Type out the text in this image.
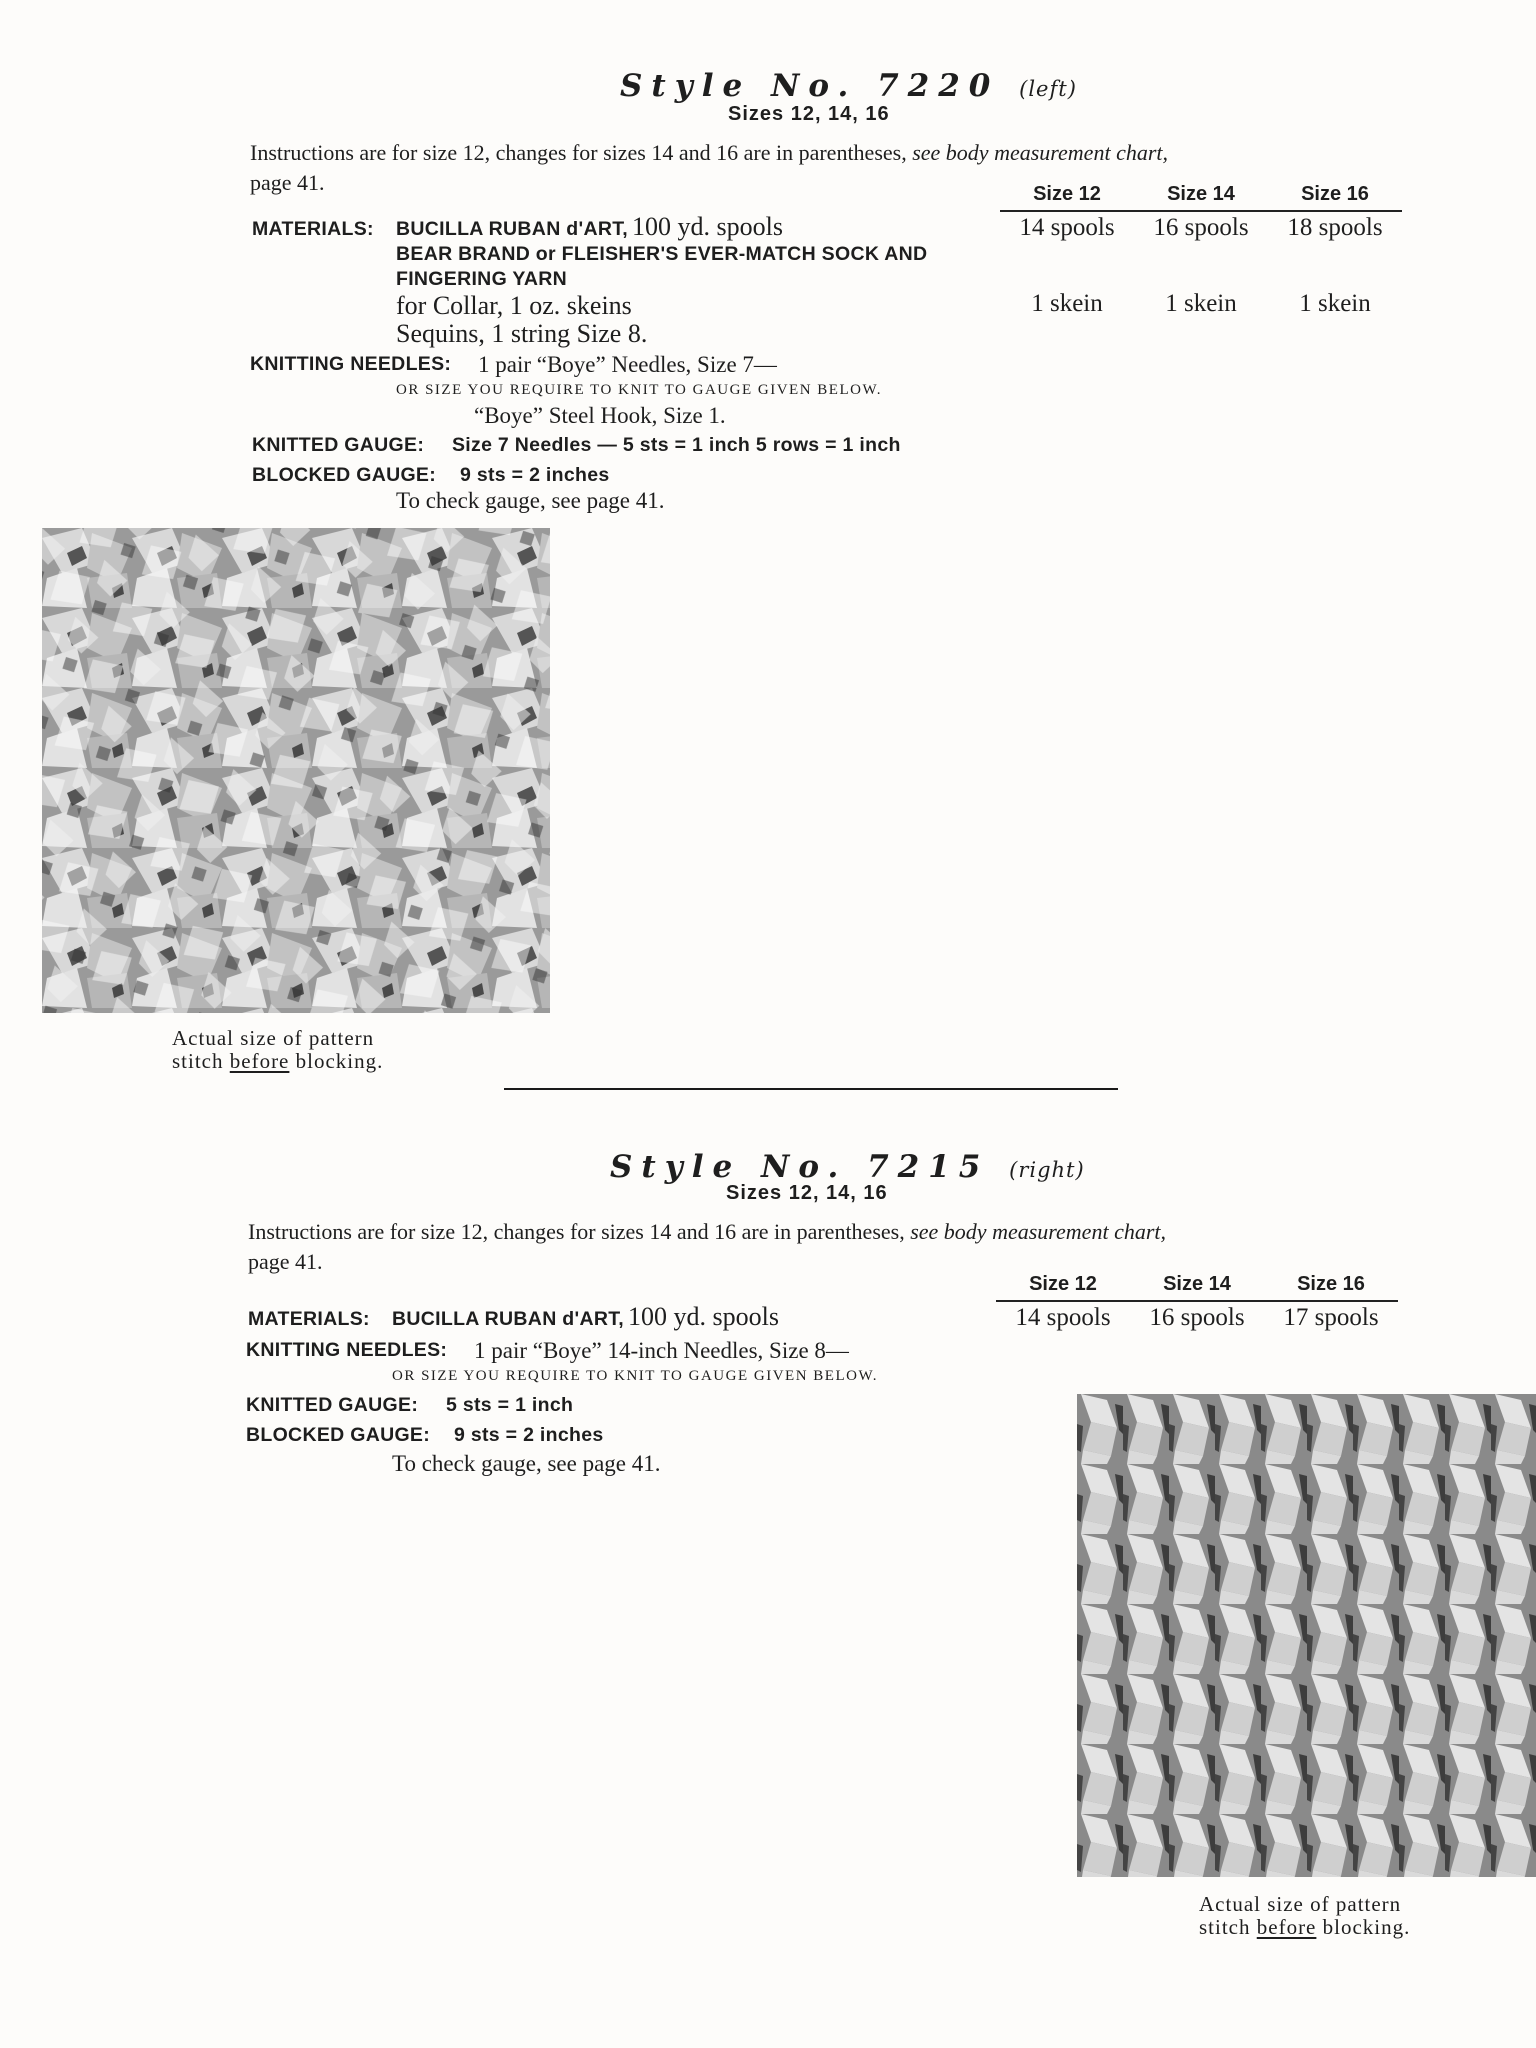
Style No. 7220 (left)
Sizes 12, 14, 16
Instructions are for size 12, changes for sizes 14 and 16 are in parentheses, see body measurement chart,
page 41.	Size 12	Size 14	Size 16
14 spools	16 spools	18 spools
1 skein	1 skein	1 skein
MATERIALS: BUCILLA RUBAN d'ART, 100 yd. spools
BEAR BRAND or FLEISHER'S EVER-MATCH SOCK AND
FINGERING YARN
for Collar, 1 oz. skeins
Sequins, 1 string Size 8.
KNITTING NEEDLES: 1 pair “Boye” Needles, Size 7—
OR SIZE YOU REQUIRE TO KNIT TO GAUGE GIVEN BELOW.
“Boye” Steel Hook, Size 1.
KNITTED GAUGE: Size 7 Needles — 5 sts = 1 inch 5 rows = 1 inch
BLOCKED GAUGE: 9 sts = 2 inches
To check gauge, see page 41.
Actual size of pattern
stitch before blocking.
Style No. 7215 (right)
Sizes 12, 14, 16
Instructions are for size 12, changes for sizes 14 and 16 are in parentheses, see body measurement chart,
page 41.
Size 12	Size 14	Size 16
14 spools	16 spools	17 spools
MATERIALS: BUCILLA RUBAN d'ART, 100 yd. spools
KNITTING NEEDLES: 1 pair “Boye” 14-inch Needles, Size 8—
OR SIZE YOU REQUIRE TO KNIT TO GAUGE GIVEN BELOW.
KNITTED GAUGE: 5 sts = 1 inch
BLOCKED GAUGE: 9 sts = 2 inches
To check gauge, see page 41.
Actual size of pattern
stitch before blocking.
